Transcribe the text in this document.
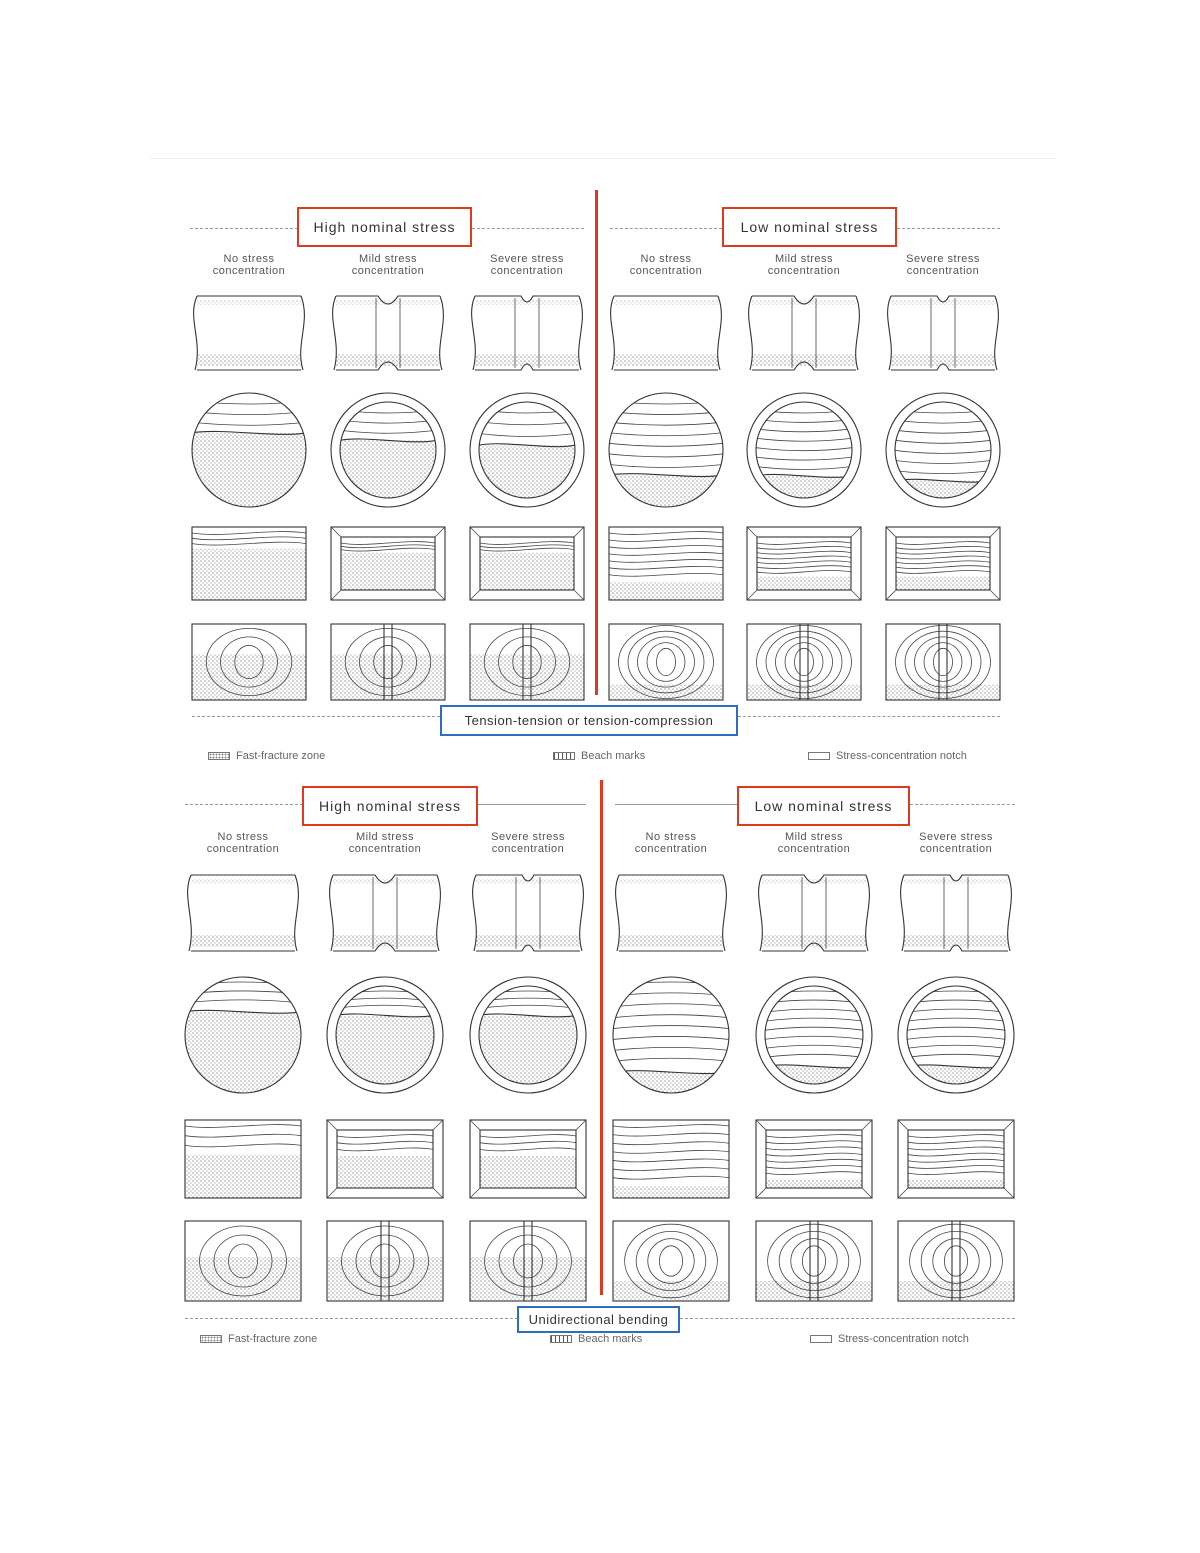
High nominal stress	Low nominal stress
No stress
concentration
Mild stress
concentration
Severe stress
concentration
No stress
concentration
Mild stress
concentration
Severe stress
concentration
Tension-tension or tension-compression
Fast-fracture zone	Beach marks	Stress-concentration notch
High nominal stress	Low nominal stress
No stress
concentration
Mild stress
concentration
Severe stress
concentration
No stress
concentration
Mild stress
concentration
Severe stress
concentration
Unidirectional bending
Fast-fracture zone	Beach marks	Stress-concentration notch
